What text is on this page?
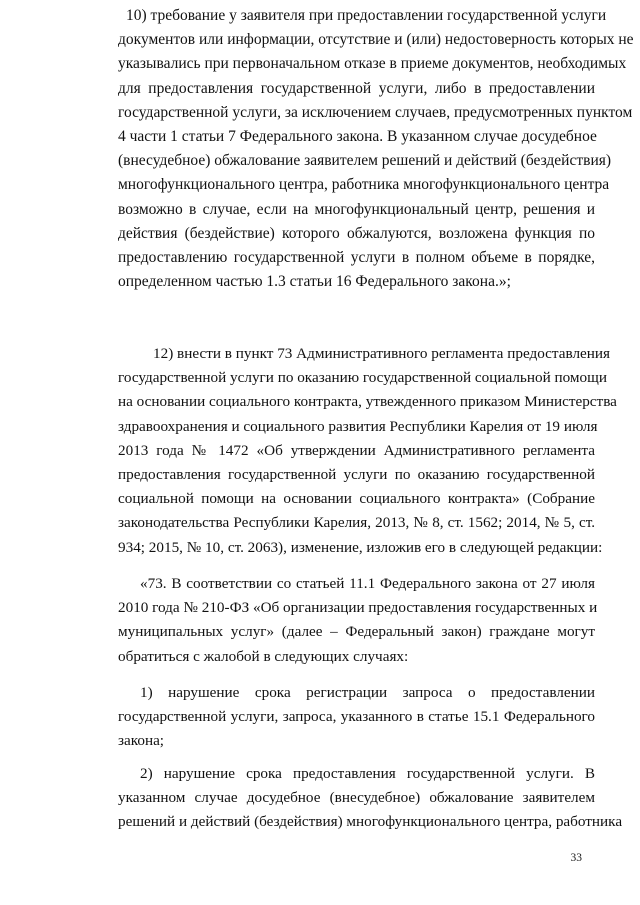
10) требование у заявителя при предоставлении государственной услуги
документов или информации, отсутствие и (или) недостоверность которых не
указывались при первоначальном отказе в приеме документов, необходимых
для предоставления государственной услуги, либо в предоставлении
государственной услуги, за исключением случаев, предусмотренных пунктом
4 части 1 статьи 7 Федерального закона. В указанном случае досудебное
(внесудебное) обжалование заявителем решений и действий (бездействия)
многофункционального центра, работника многофункционального центра
возможно в случае, если на многофункциональный центр, решения и
действия (бездействие) которого обжалуются, возложена функция по
предоставлению государственной услуги в полном объеме в порядке,
определенном частью 1.3 статьи 16 Федерального закона.»;
12) внести в пункт 73 Административного регламента предоставления
государственной услуги по оказанию государственной социальной помощи
на основании социального контракта, утвежденного приказом Министерства
здравоохранения и социального развития Республики Карелия от 19 июля
2013 года № 1472 «Об утверждении Административного регламента
предоставления государственной услуги по оказанию государственной
социальной помощи на основании социального контракта» (Собрание
законодательства Республики Карелия, 2013, № 8, ст. 1562; 2014, № 5, ст.
934; 2015, № 10, ст. 2063), изменение, изложив его в следующей редакции:
«73. В соответствии со статьей 11.1 Федерального закона от 27 июля
2010 года № 210-ФЗ «Об организации предоставления государственных и
муниципальных услуг» (далее – Федеральный закон) граждане могут
обратиться с жалобой в следующих случаях:
1) нарушение срока регистрации запроса о предоставлении
государственной услуги, запроса, указанного в статье 15.1 Федерального
закона;
2) нарушение срока предоставления государственной услуги. В
указанном случае досудебное (внесудебное) обжалование заявителем
решений и действий (бездействия) многофункционального центра, работника
33
